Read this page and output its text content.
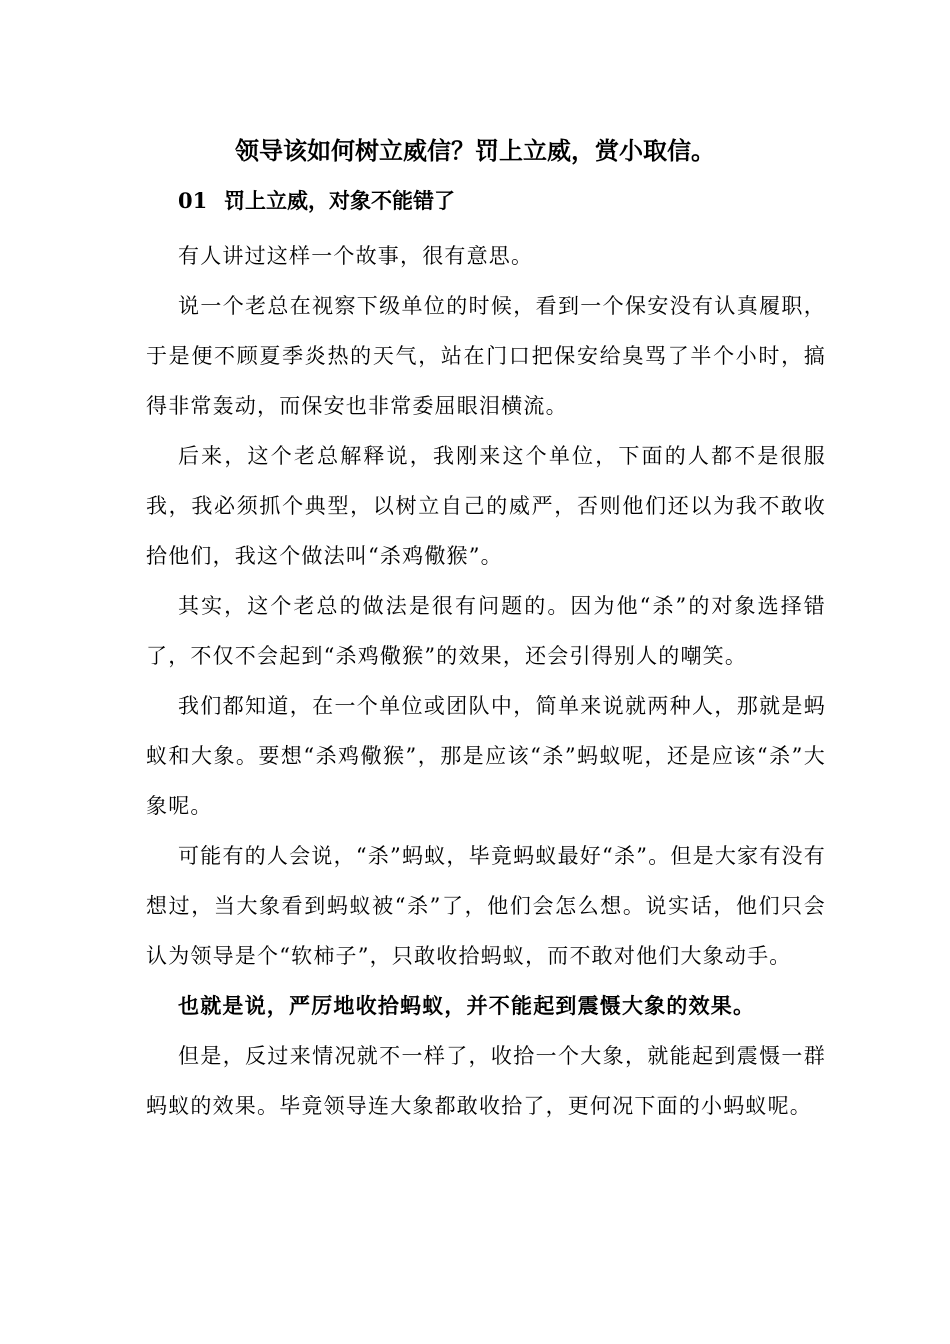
领导该如何树立威信？罚上立威，赏小取信。
01 罚上立威，对象不能错了

有人讲过这样一个故事，很有意思。

说一个老总在视察下级单位的时候，看到一个保安没有认真履职，于是便不顾夏季炎热的天气，站在门口把保安给臭骂了半个小时，搞得非常轰动，而保安也非常委屈眼泪横流。

后来，这个老总解释说，我刚来这个单位，下面的人都不是很服我，我必须抓个典型，以树立自己的威严，否则他们还以为我不敢收拾他们，我这个做法叫“杀鸡儆猴”。

其实，这个老总的做法是很有问题的。因为他“杀”的对象选择错了，不仅不会起到“杀鸡儆猴”的效果，还会引得别人的嘲笑。

我们都知道，在一个单位或团队中，简单来说就两种人，那就是蚂蚁和大象。要想“杀鸡儆猴”，那是应该“杀”蚂蚁呢，还是应该“杀”大象呢。

可能有的人会说，“杀”蚂蚁，毕竟蚂蚁最好“杀”。但是大家有没有想过，当大象看到蚂蚁被“杀”了，他们会怎么想。说实话，他们只会认为领导是个“软柿子”，只敢收拾蚂蚁，而不敢对他们大象动手。

也就是说，严厉地收拾蚂蚁，并不能起到震慑大象的效果。

但是，反过来情况就不一样了，收拾一个大象，就能起到震慑一群蚂蚁的效果。毕竟领导连大象都敢收拾了，更何况下面的小蚂蚁呢。
